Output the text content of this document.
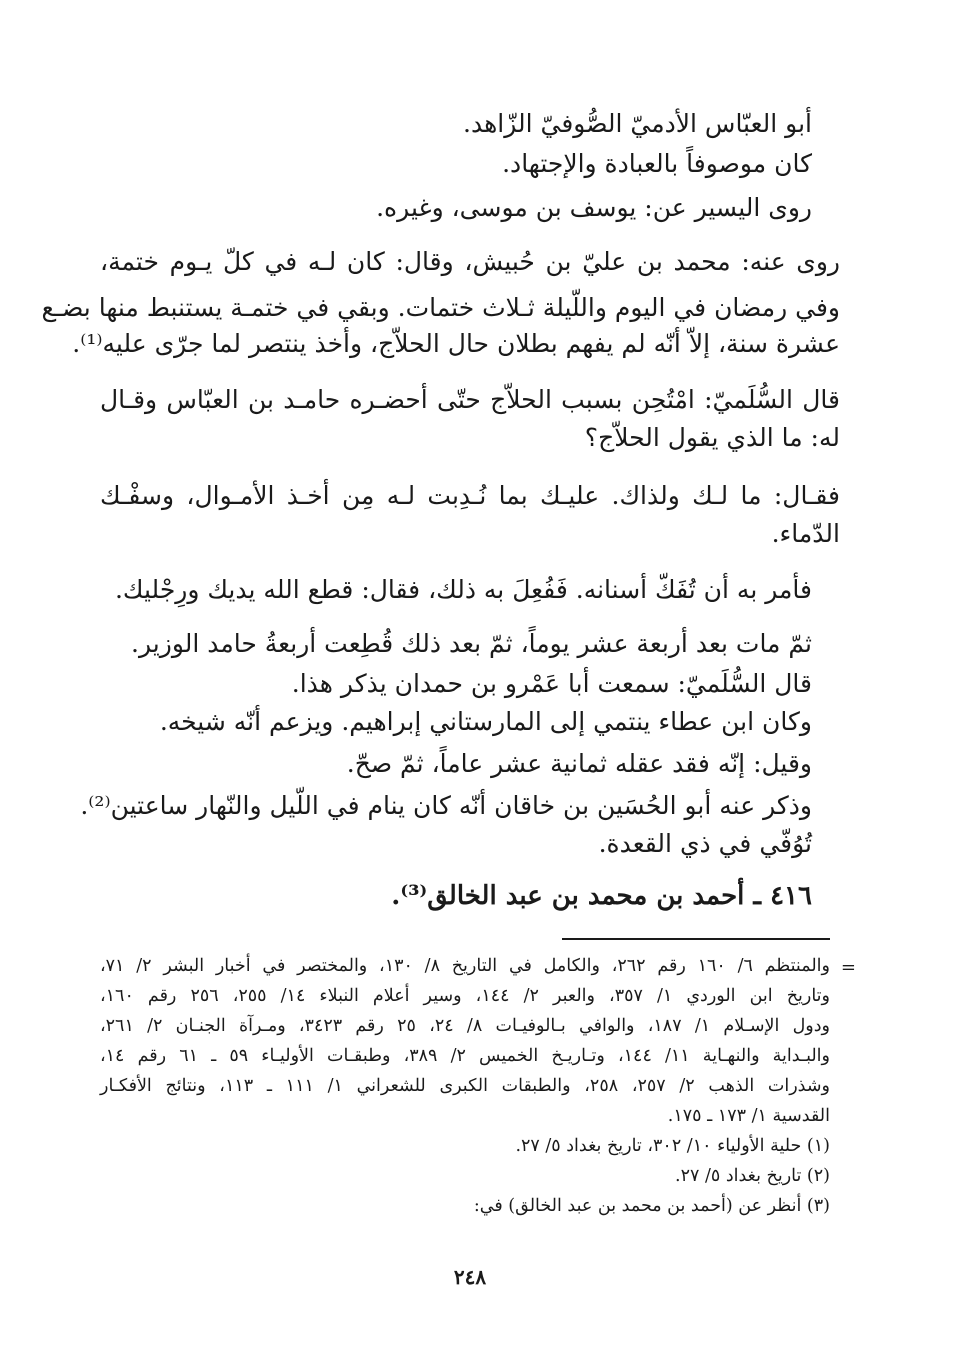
أبو العبّاس الأدميّ الصُّوفيّ الزّاهد.
كان موصوفاً بالعبادة والإجتهاد.
روى اليسير عن: يوسف بن موسى، وغيره.
روى عنه: محمد بن عليّ بن حُبيش، وقال: كان لـه في كلّ يـوم ختمة،
وفي رمضان في اليوم واللّيلة ثـلاث ختمات. وبقي في ختمـة يستنبط منها بضـع
عشرة سنة، إلاّ أنّه لم يفهم بطلان حال الحلاّج، وأخذ ينتصر لما جرّى عليه⁽¹⁾.
قال السُّلَميّ: امْتُحِن بسبب الحلاّج حتّى أحضـره حامـد بن العبّاس وقـال
له: ما الذي يقول الحلاّج؟
فقـال: ما لـك ولذاك. عليـك بما نُـدِبت لـه مِن أخـذ الأمـوال، وسفْـك
الدّماء.
فأمر به أن تُفَكّ أسنانه. فَفُعِلَ به ذلك، فقال: قطع الله يديك ورِجْليك.
ثمّ مات بعد أربعة عشر يوماً، ثمّ بعد ذلك قُطِعت أربعةُ حامد الوزير.
قال السُّلَميّ: سمعت أبا عَمْرو بن حمدان يذكر هذا.
وكان ابن عطاء ينتمي إلى المارستاني إبراهيم. ويزعم أنّه شيخه.
وقيل: إنّه فقد عقله ثمانية عشر عاماً، ثمّ صحّ.
وذكر عنه أبو الحُسَين بن خاقان أنّه كان ينام في اللّيل والنّهار ساعتين⁽²⁾.
تُوُفّي في ذي القعدة.
٤١٦ ـ أحمد بن محمد بن عبد الخالق⁽³⁾.
=
والمنتظم ٦/ ١٦٠ رقم ٢٦٢، والكامل في التاريخ ٨/ ١٣٠، والمختصر في أخبار البشر ٢/ ٧١،
وتاريخ ابن الوردي ١/ ٣٥٧، والعبر ٢/ ١٤٤، وسير أعلام النبلاء ١٤/ ٢٥٥، ٢٥٦ رقم ١٦٠،
ودول الإسـلام ١/ ١٨٧، والوافي بـالوفيـات ٨/ ٢٤، ٢٥ رقم ٣٤٢٣، ومـرآة الجنـان ٢/ ٢٦١،
والبـداية والنهـاية ١١/ ١٤٤، وتـاريـخ الخميس ٢/ ٣٨٩، وطبقـات الأوليـاء ٥٩ ـ ٦١ رقم ١٤،
وشذرات الذهب ٢/ ٢٥٧، ٢٥٨، والطبقات الكبرى للشعراني ١/ ١١١ ـ ١١٣، ونتائج الأفكـار
القدسية ١/ ١٧٣ ـ ١٧٥.
(١) حلية الأولياء ١٠/ ٣٠٢، تاريخ بغداد ٥/ ٢٧.
(٢) تاريخ بغداد ٥/ ٢٧.
(٣) أنظر عن (أحمد بن محمد بن عبد الخالق) في:
٢٤٨
